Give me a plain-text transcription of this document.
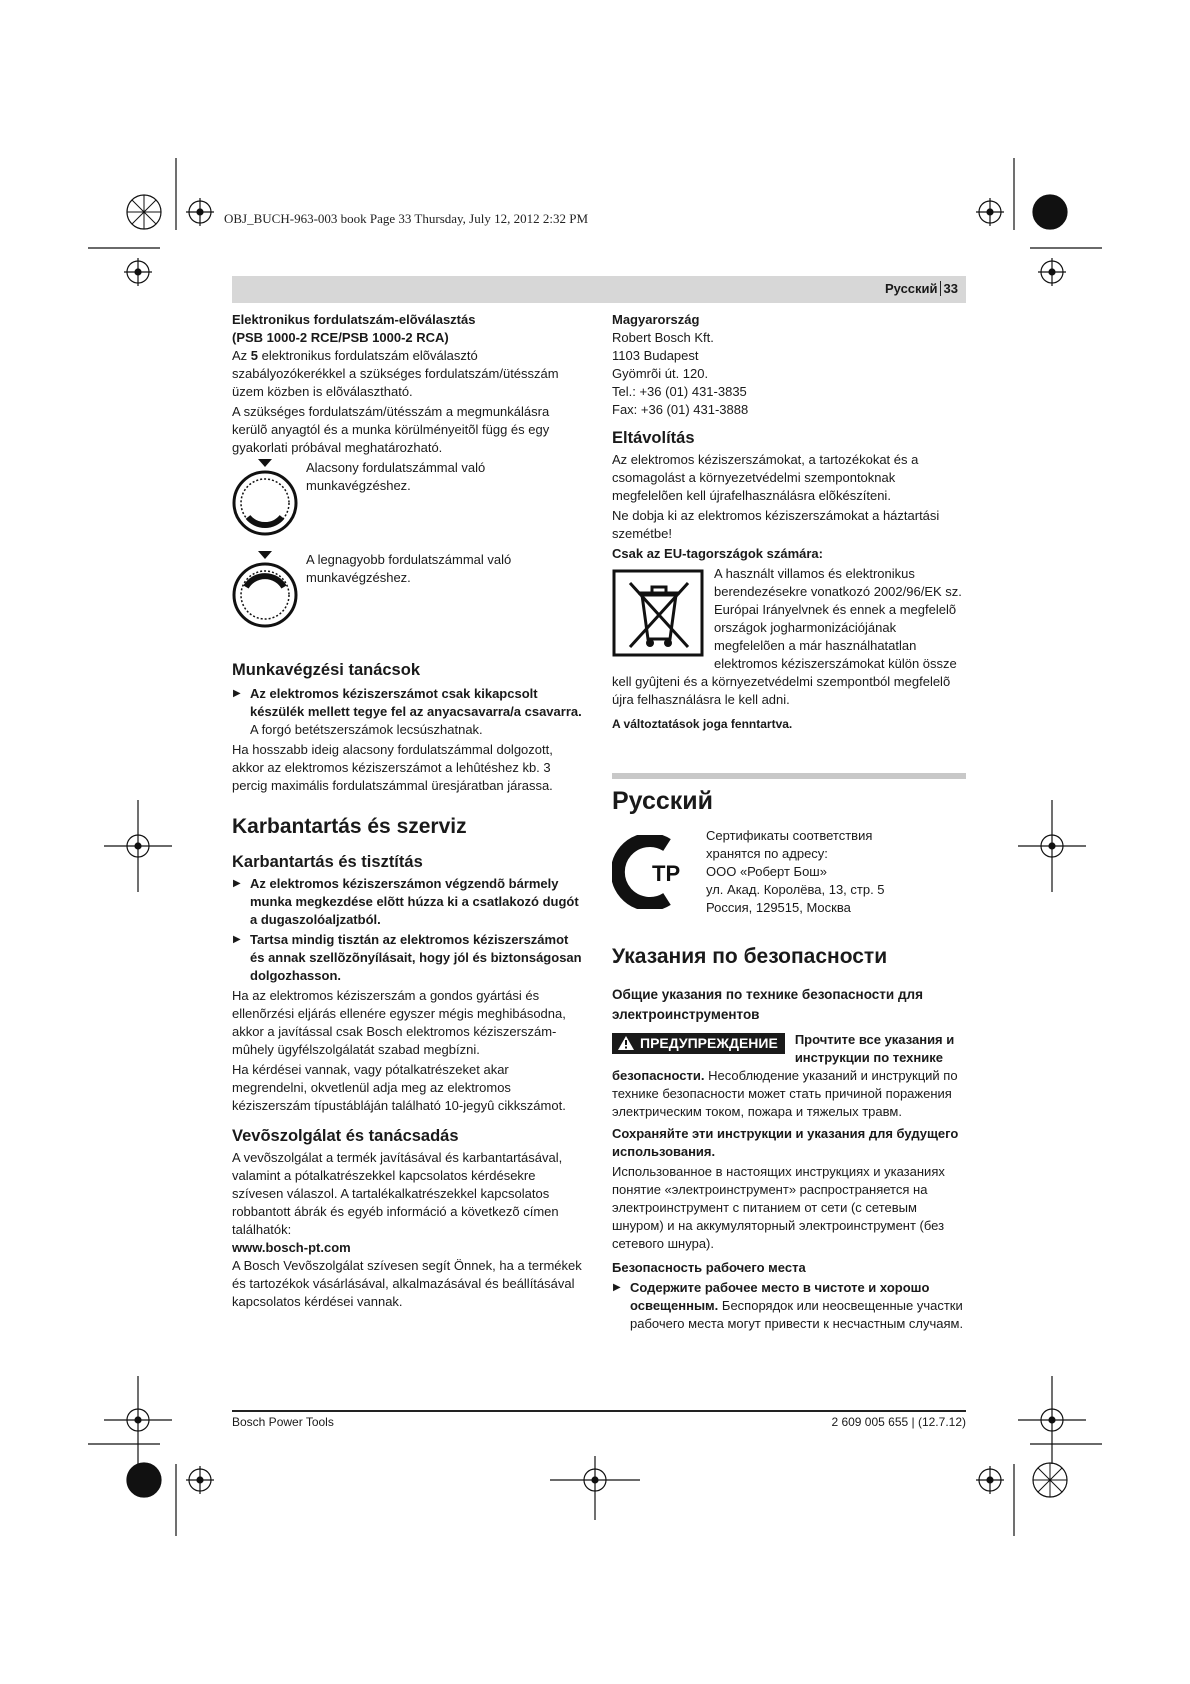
OBJ_BUCH-963-003 book Page 33 Thursday, July 12, 2012 2:32 PM
Русский 33

Elektronikus fordulatszám-elõválasztás

(PSB 1000-2 RCE/PSB 1000-2 RCA)

Az 5 elektronikus fordulatszám elõválasztó szabályozókerékkel a szükséges fordulatszám/ütésszám üzem közben is elõválasztható.

A szükséges fordulatszám/ütésszám a megmunkálásra kerülõ anyagtól és a munka körülményeitõl függ és egy gyakorlati próbával meghatározható.

Alacsony fordulatszámmal való munkavégzéshez.
A legnagyobb fordulatszámmal való munkavégzéshez.

Munkavégzési tanácsok

▶ Az elektromos kéziszerszámot csak kikapcsolt készülék mellett tegye fel az anyacsavarra/a csavarra.
A forgó betétszerszámok lecsúszhatnak.

Ha hosszabb ideig alacsony fordulatszámmal dolgozott, akkor az elektromos kéziszerszámot a lehûtéshez kb. 3 percig maximális fordulatszámmal üresjáratban járassa.

Karbantartás és szerviz

Karbantartás és tisztítás

▶ Az elektromos kéziszerszámon végzendõ bármely munka megkezdése elõtt húzza ki a csatlakozó dugót a dugaszolóaljzatból.
▶ Tartsa mindig tisztán az elektromos kéziszerszámot és annak szellõzõnyílásait, hogy jól és biztonságosan dolgozhasson.

Ha az elektromos kéziszerszám a gondos gyártási és ellenõrzési eljárás ellenére egyszer mégis meghibásodna, akkor a javítással csak Bosch elektromos kéziszerszám-mûhely ügyfélszolgálatát szabad megbízni.

Ha kérdései vannak, vagy pótalkatrészeket akar megrendelni, okvetlenül adja meg az elektromos kéziszerszám típustábláján található 10-jegyû cikkszámot.

Vevõszolgálat és tanácsadás

A vevõszolgálat a termék javításával és karbantartásával, valamint a pótalkatrészekkel kapcsolatos kérdésekre szívesen válaszol. A tartalékalkatrészekkel kapcsolatos robbantott ábrák és egyéb információ a következõ címen találhatók:

www.bosch-pt.com

A Bosch Vevõszolgálat szívesen segít Önnek, ha a termékek és tartozékok vásárlásával, alkalmazásával és beállításával kapcsolatos kérdései vannak.

Magyarország

Robert Bosch Kft.

1103 Budapest

Gyömrõi út. 120.

Tel.: +36 (01) 431-3835

Fax: +36 (01) 431-3888

Eltávolítás

Az elektromos kéziszerszámokat, a tartozékokat és a csomagolást a környezetvédelmi szempontoknak megfelelõen kell újrafelhasználásra elõkészíteni.

Ne dobja ki az elektromos kéziszerszámokat a háztartási szemétbe!

Csak az EU-tagországok számára:

A használt villamos és elektronikus berendezésekre vonatkozó 2002/96/EK sz. Európai Irányelvnek és ennek a megfelelõ országok jogharmonizációjának megfelelõen a már használhatatlan elektromos kéziszerszámokat külön össze kell gyûjteni és a környezetvédelmi szempontból megfelelõ újra felhasználásra le kell adni.

A változtatások joga fenntartva.

Русский

ТР

Сертификаты соответствия

хранятся по адресу:

ООО «Роберт Бош»

ул. Акад. Королёва, 13, стр. 5

Россия, 129515, Москва

Указания по безопасности

Общие указания по технике безопасности для электроинструментов

ПРЕДУПРЕЖДЕНИЕ	Прочтите все указания и инструкции по технике безопасности. Несоблюдение указаний и инструкций по технике безопасности может стать причиной поражения электрическим током, пожара и тяжелых травм.

Сохраняйте эти инструкции и указания для будущего использования.

Использованное в настоящих инструкциях и указаниях понятие «электроинструмент» распространяется на электроинструмент с питанием от сети (с сетевым шнуром) и на аккумуляторный электроинструмент (без сетевого шнура).

Безопасность рабочего места

▶ Содержите рабочее место в чистоте и хорошо освещенным. Беспорядок или неосвещенные участки рабочего места могут привести к несчастным случаям.
Bosch Power Tools	2 609 005 655 | (12.7.12)
